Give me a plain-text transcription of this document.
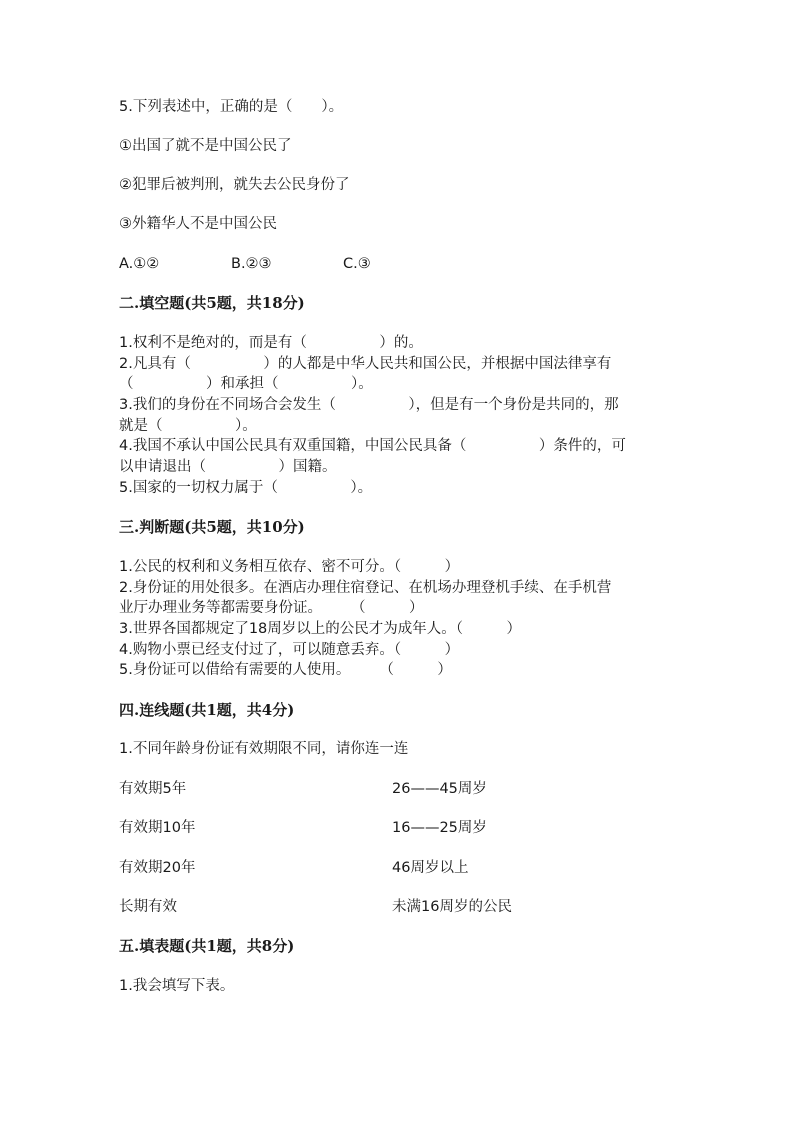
5.下列表述中，正确的是（　　）。
①出国了就不是中国公民了
②犯罪后被判刑，就失去公民身份了
③外籍华人不是中国公民
A.①②	B.②③	C.③
二.填空题(共5题，共18分)
1.权利不是绝对的，而是有（　　　　　）的。
2.凡具有（　　　　　）的人都是中华人民共和国公民，并根据中国法律享有
（　　　　　）和承担（　　　　　）。
3.我们的身份在不同场合会发生（　　　　　），但是有一个身份是共同的，那
就是（　　　　　）。
4.我国不承认中国公民具有双重国籍，中国公民具备（　　　　　）条件的，可
以申请退出（　　　　　）国籍。
5.国家的一切权力属于（　　　　　）。
三.判断题(共5题，共10分)
1.公民的权利和义务相互依存、密不可分。（　　　）
2.身份证的用处很多。在酒店办理住宿登记、在机场办理登机手续、在手机营
业厅办理业务等都需要身份证。　　　（　　　）
3.世界各国都规定了18周岁以上的公民才为成年人。（　　　）
4.购物小票已经支付过了，可以随意丢弃。（　　　）
5.身份证可以借给有需要的人使用。　　　（　　　）
四.连线题(共1题，共4分)
1.不同年龄身份证有效期限不同，请你连一连
有效期5年	26——45周岁
有效期10年	16——25周岁
有效期20年	46周岁以上
长期有效	未满16周岁的公民
五.填表题(共1题，共8分)
1.我会填写下表。
